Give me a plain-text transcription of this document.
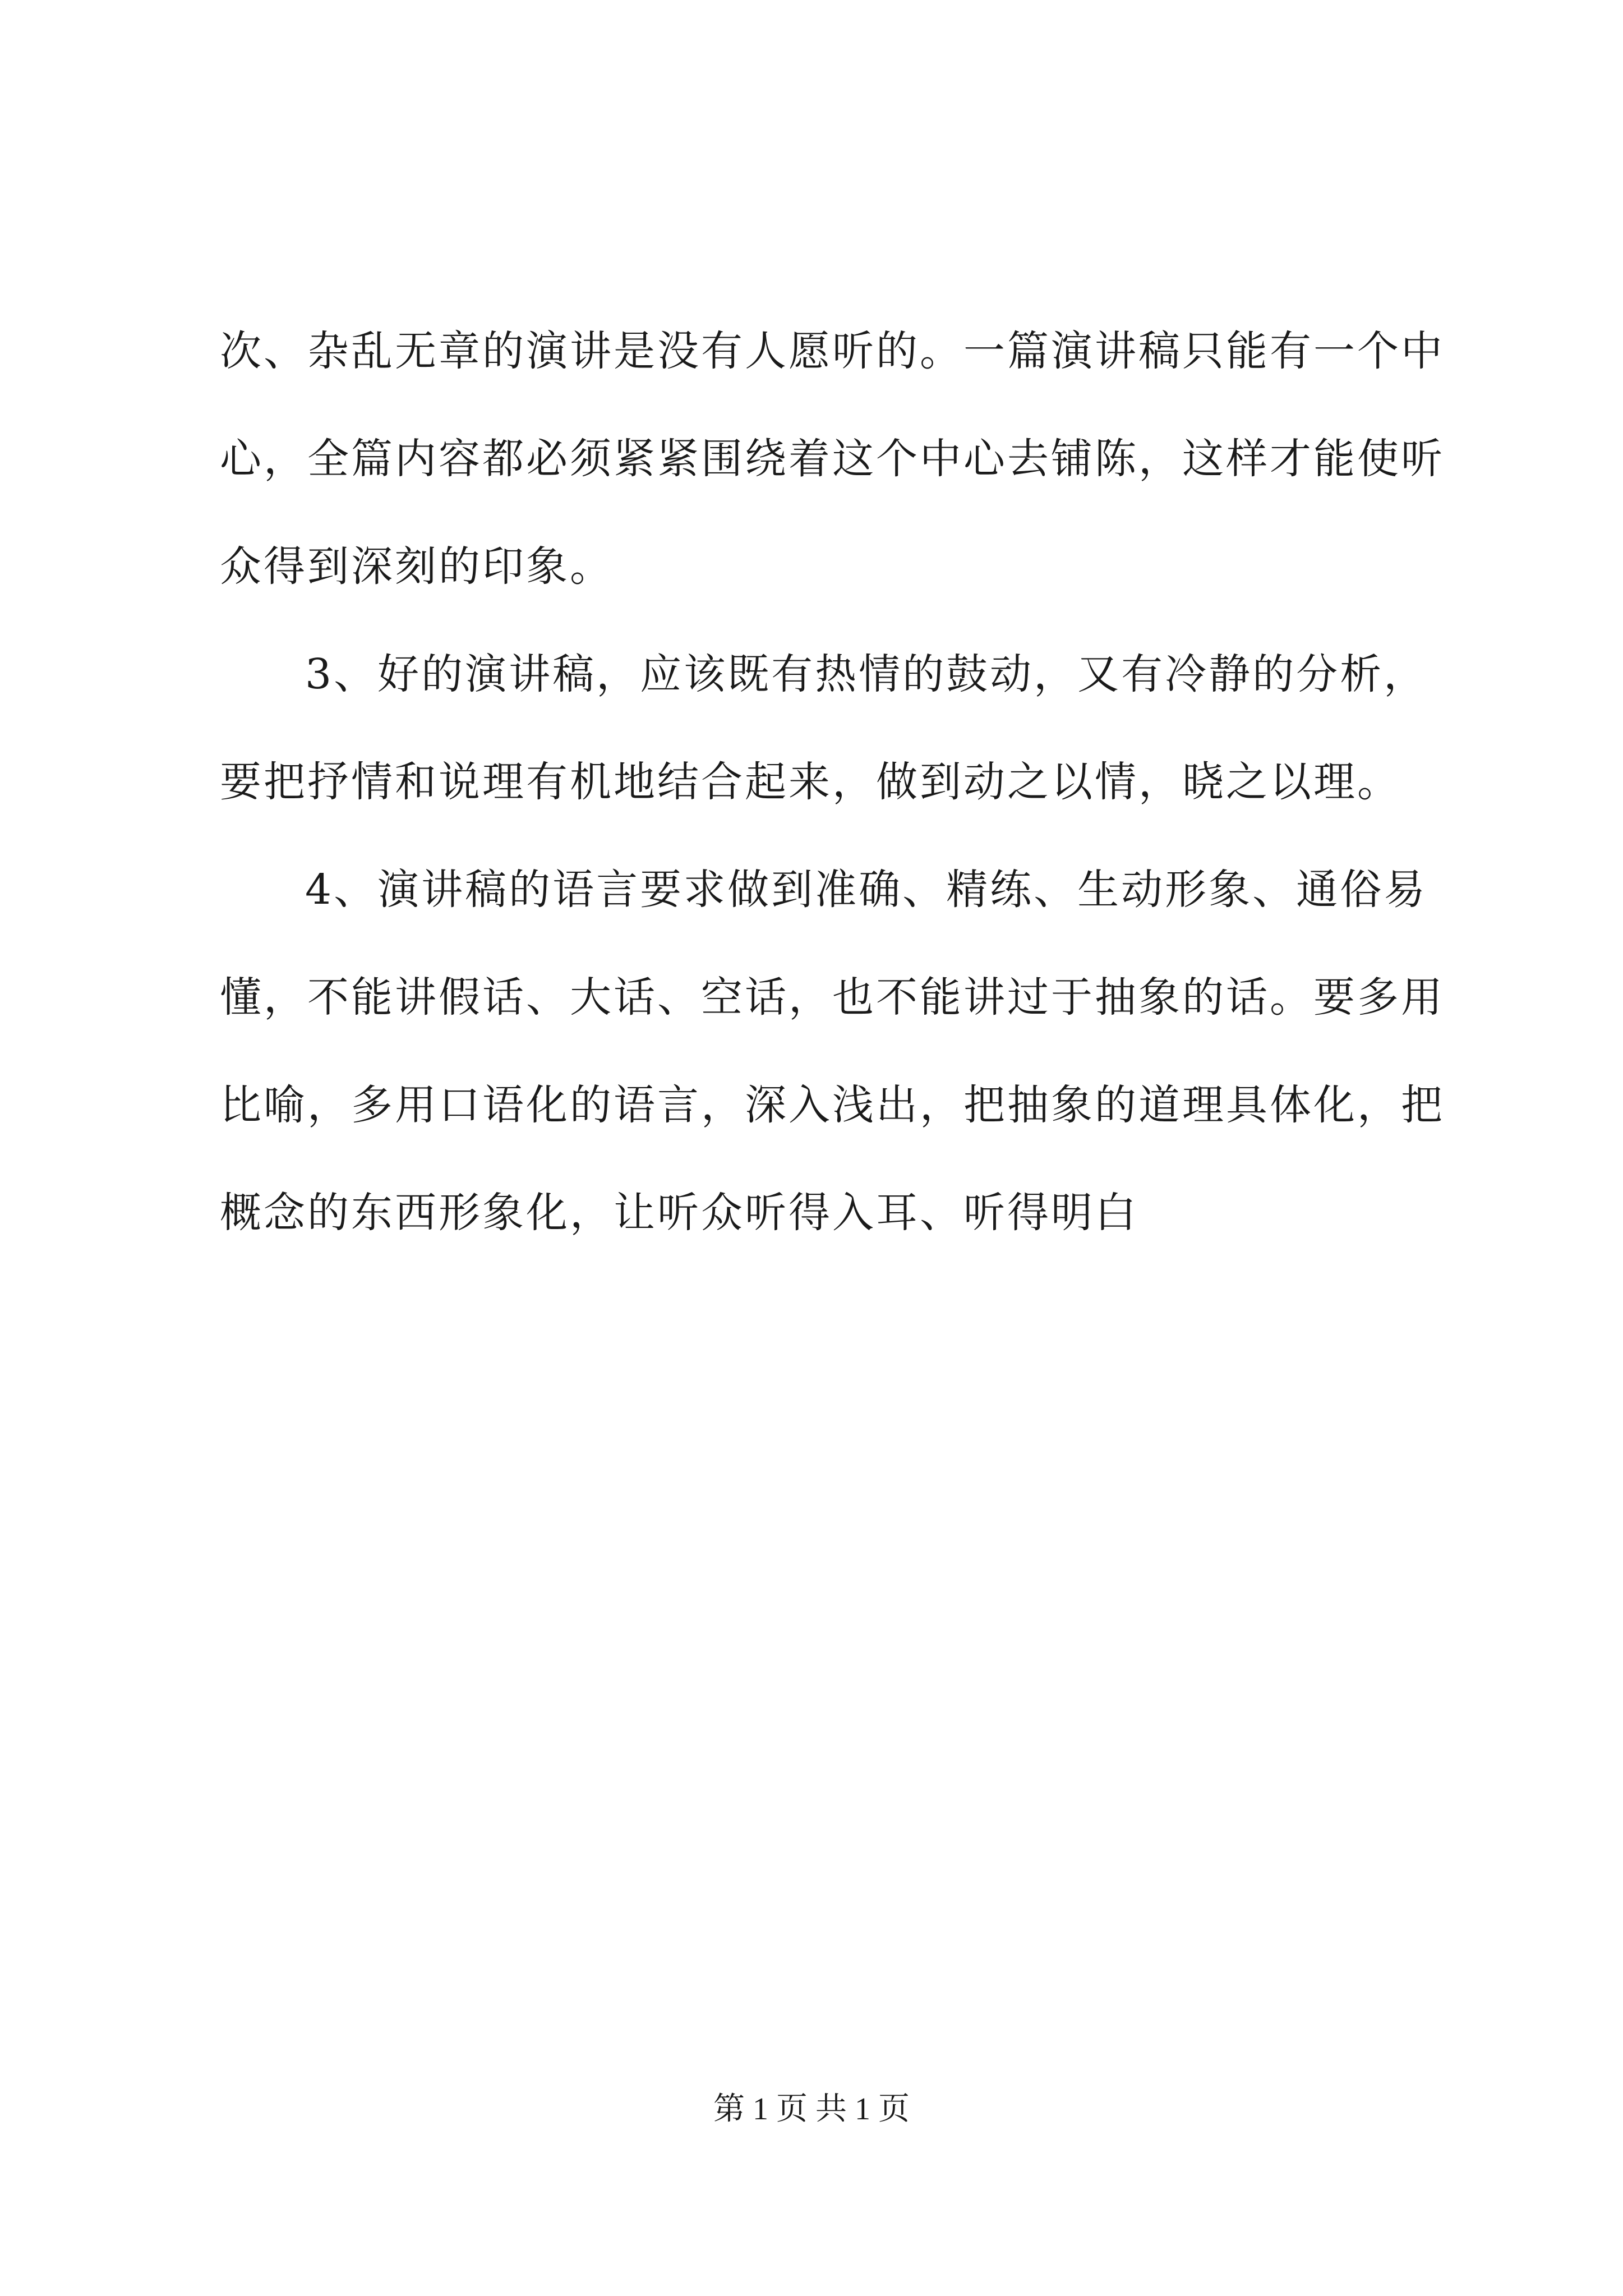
次、杂乱无章的演讲是没有人愿听的。一篇演讲稿只能有一个中
心，全篇内容都必须紧紧围绕着这个中心去铺陈，这样才能使听
众得到深刻的印象。
3、好的演讲稿，应该既有热情的鼓动，又有冷静的分析，
要把抒情和说理有机地结合起来，做到动之以情，晓之以理。
4、演讲稿的语言要求做到准确、精练、生动形象、通俗易
懂，不能讲假话、大话、空话，也不能讲过于抽象的话。要多用
比喻，多用口语化的语言，深入浅出，把抽象的道理具体化，把
概念的东西形象化，让听众听得入耳、听得明白
第 1 页 共 1 页
